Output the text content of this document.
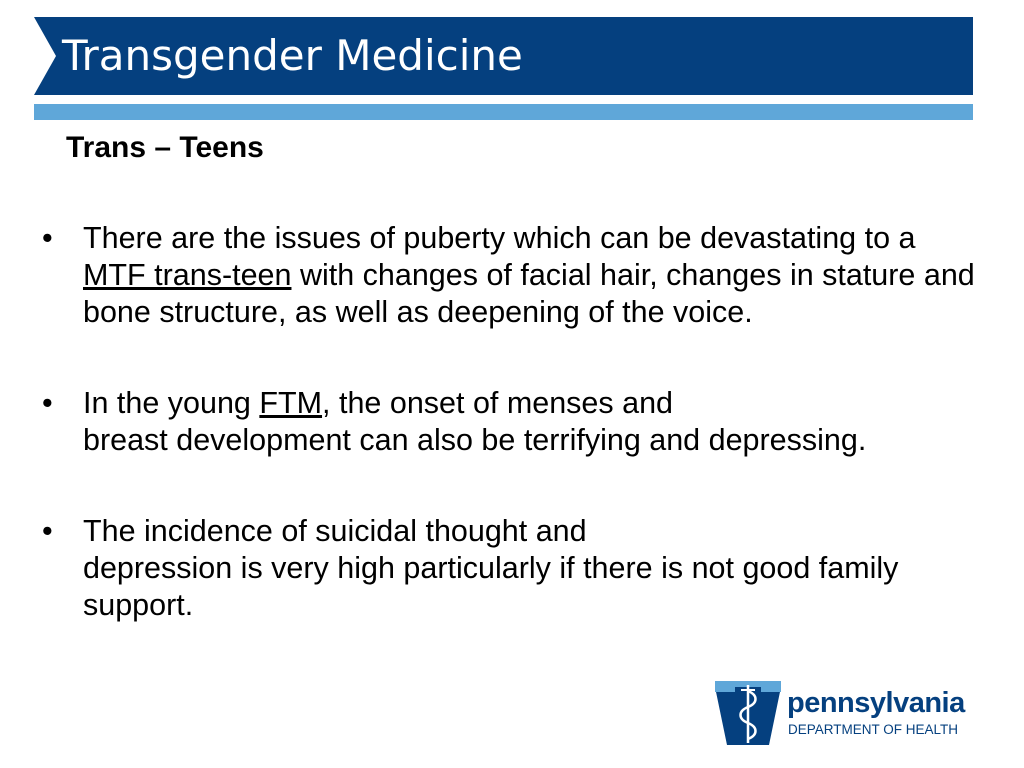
Transgender Medicine
Trans – Teens
• There are the issues of puberty which can be devastating to a MTF trans-teen with changes of facial hair, changes in stature and bone structure, as well as deepening of the voice.
• In the young FTM, the onset of menses and
breast development can also be terrifying and depressing.
• The incidence of suicidal thought and
depression is very high particularly if there is not good family support.
pennsylvania
DEPARTMENT OF HEALTH
